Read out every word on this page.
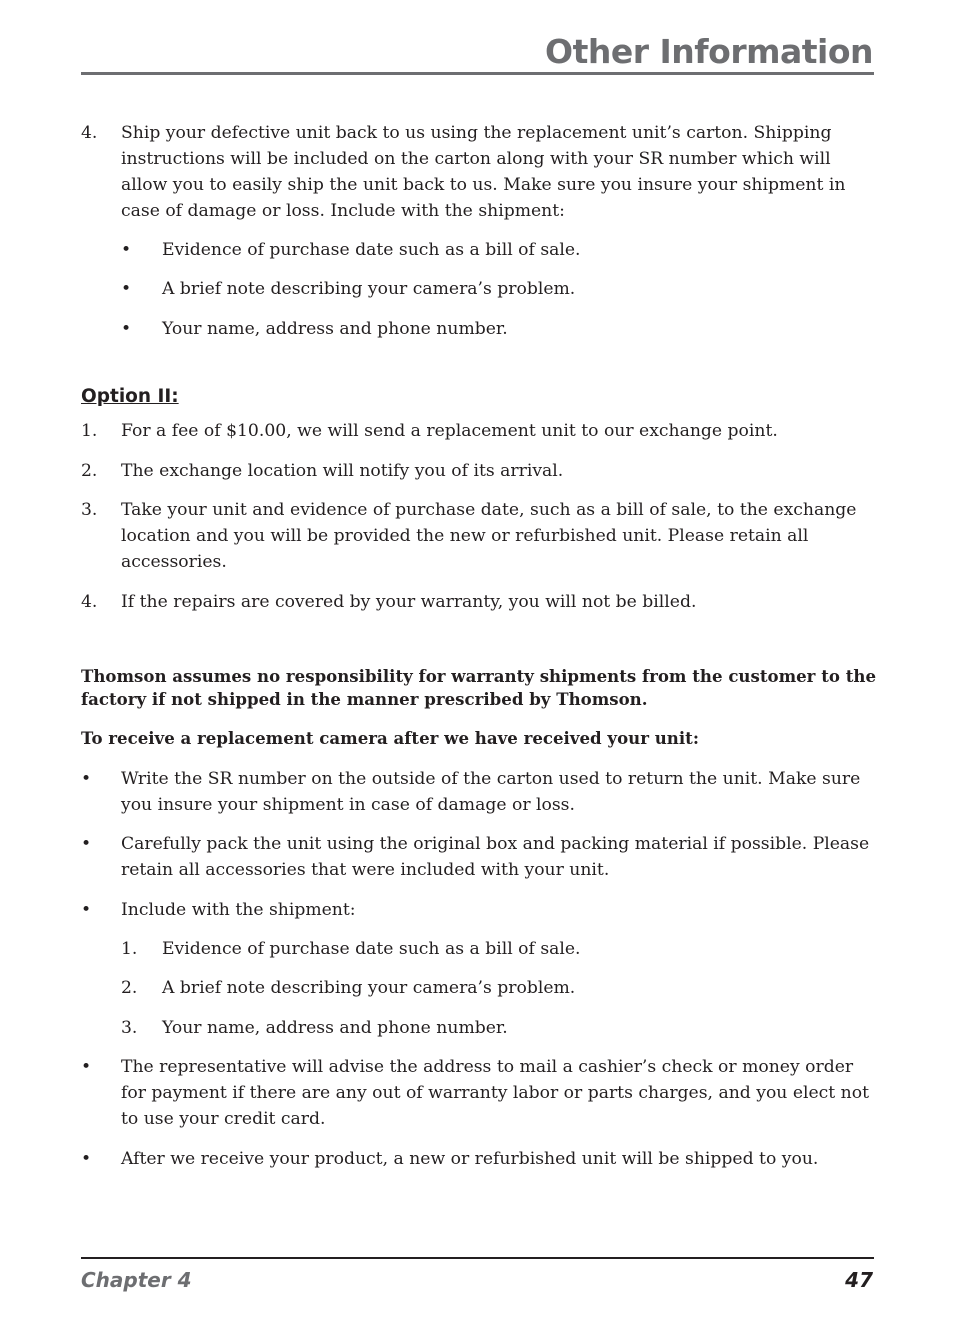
Other Information
4. Ship your defective unit back to us using the replacement unit’s carton. Shipping instructions will be included on the carton along with your SR number which will allow you to easily ship the unit back to us. Make sure you insure your shipment in case of damage or loss. Include with the shipment:
• Evidence of purchase date such as a bill of sale.
• A brief note describing your camera’s problem.
• Your name, address and phone number.
Option II:
1. For a fee of $10.00, we will send a replacement unit to our exchange point.
2. The exchange location will notify you of its arrival.
3. Take your unit and evidence of purchase date, such as a bill of sale, to the exchange location and you will be provided the new or refurbished unit. Please retain all accessories.
4. If the repairs are covered by your warranty, you will not be billed.
Thomson assumes no responsibility for warranty shipments from the customer to the factory if not shipped in the manner prescribed by Thomson.
To receive a replacement camera after we have received your unit:
• Write the SR number on the outside of the carton used to return the unit. Make sure you insure your shipment in case of damage or loss.
• Carefully pack the unit using the original box and packing material if possible. Please retain all accessories that were included with your unit.
• Include with the shipment:
1. Evidence of purchase date such as a bill of sale.
2. A brief note describing your camera’s problem.
3. Your name, address and phone number.
• The representative will advise the address to mail a cashier’s check or money order for payment if there are any out of warranty labor or parts charges, and you elect not to use your credit card.
• After we receive your product, a new or refurbished unit will be shipped to you.
Chapter 4	47
